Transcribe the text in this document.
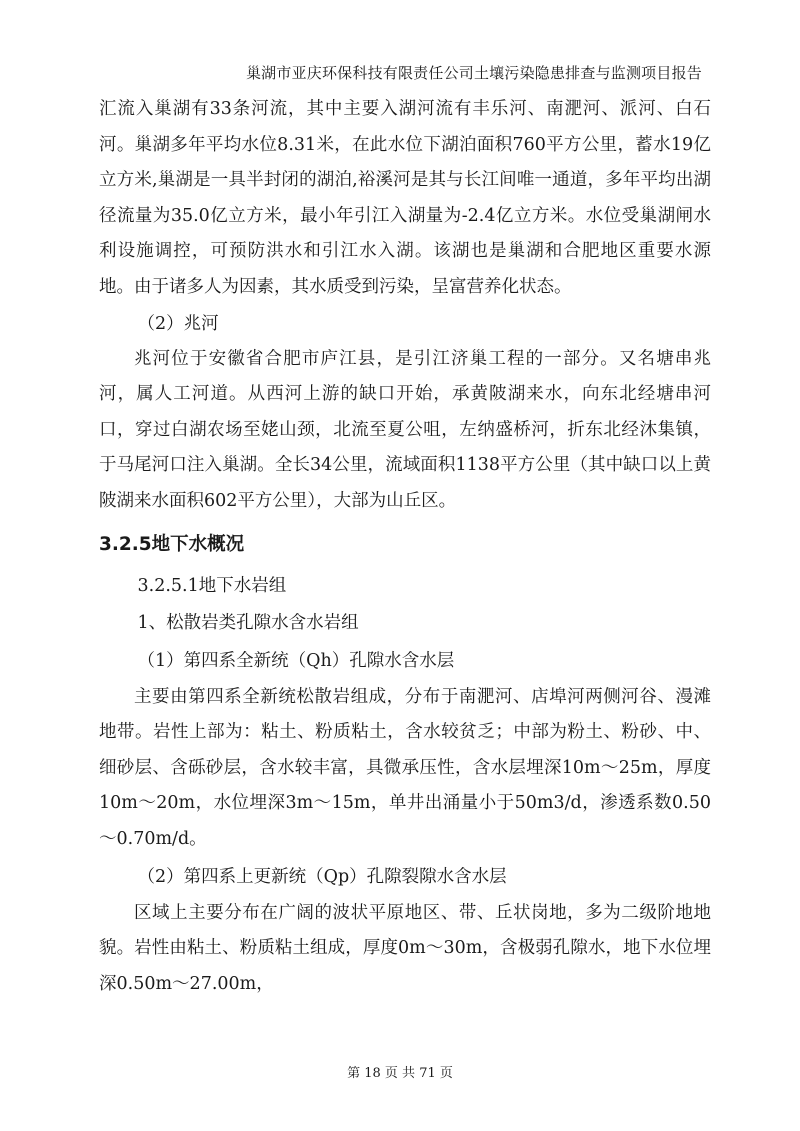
巢湖市亚庆环保科技有限责任公司土壤污染隐患排查与监测项目报告

汇流入巢湖有33条河流，其中主要入湖河流有丰乐河、南淝河、派河、白石河。巢湖多年平均水位8.31米，在此水位下湖泊面积760平方公里，蓄水19亿立方米,巢湖是一具半封闭的湖泊,裕溪河是其与长江间唯一通道，多年平均出湖径流量为35.0亿立方米，最小年引江入湖量为-2.4亿立方米。水位受巢湖闸水利设施调控，可预防洪水和引江水入湖。该湖也是巢湖和合肥地区重要水源地。由于诸多人为因素，其水质受到污染，呈富营养化状态。

（2）兆河

兆河位于安徽省合肥市庐江县，是引江济巢工程的一部分。又名塘串兆河，属人工河道。从西河上游的缺口开始，承黄陂湖来水，向东北经塘串河口，穿过白湖农场至姥山颈，北流至夏公咀，左纳盛桥河，折东北经沐集镇，于马尾河口注入巢湖。全长34公里，流域面积1138平方公里（其中缺口以上黄陂湖来水面积602平方公里），大部为山丘区。

3.2.5地下水概况

3.2.5.1地下水岩组

1、松散岩类孔隙水含水岩组

（1）第四系全新统（Qh）孔隙水含水层

主要由第四系全新统松散岩组成，分布于南淝河、店埠河两侧河谷、漫滩地带。岩性上部为：粘土、粉质粘土，含水较贫乏；中部为粉土、粉砂、中、细砂层、含砾砂层，含水较丰富，具微承压性，含水层埋深10m～25m，厚度10m～20m，水位埋深3m～15m，单井出涌量小于50m3/d，渗透系数0.50～0.70m/d。

（2）第四系上更新统（Qp）孔隙裂隙水含水层

区域上主要分布在广阔的波状平原地区、带、丘状岗地，多为二级阶地地貌。岩性由粘土、粉质粘土组成，厚度0m～30m，含极弱孔隙水，地下水位埋深0.50m～27.00m，

第 18 页 共 71 页
